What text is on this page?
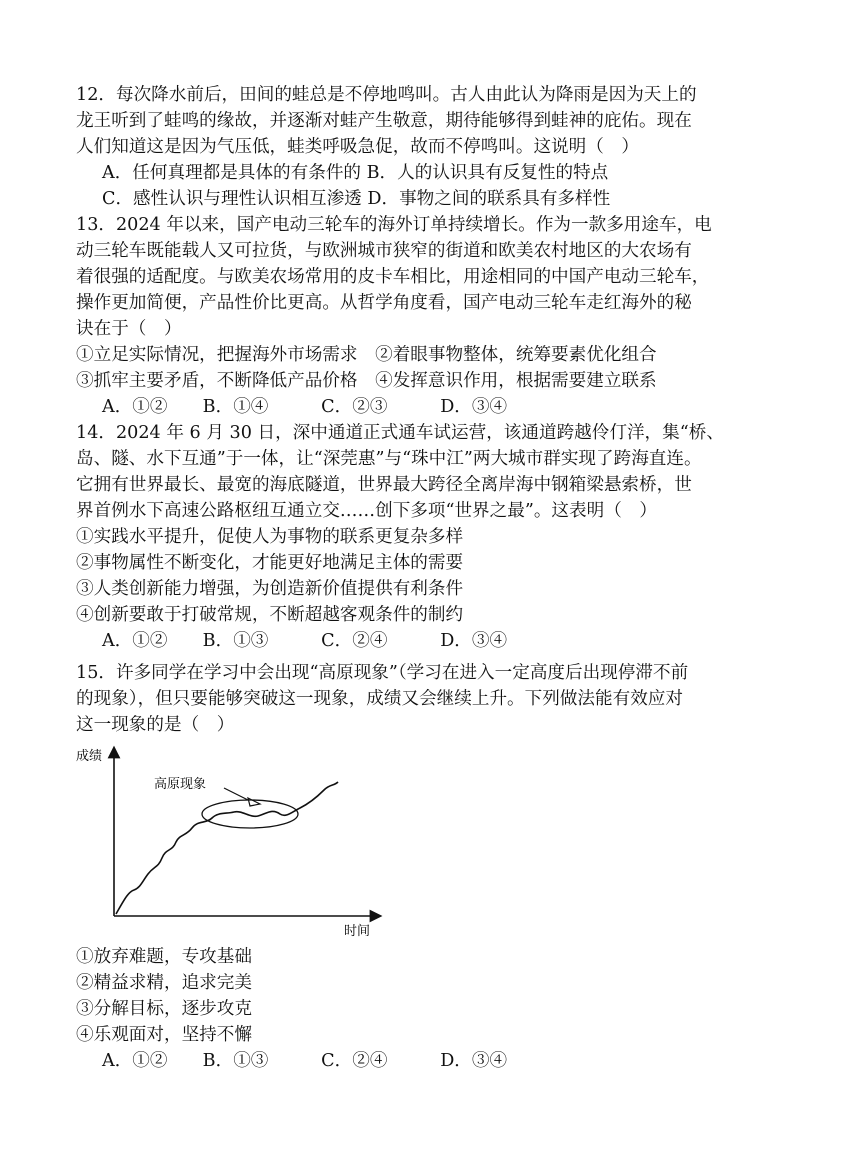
12．每次降水前后，田间的蛙总是不停地鸣叫。古人由此认为降雨是因为天上的
龙王听到了蛙鸣的缘故，并逐渐对蛙产生敬意，期待能够得到蛙神的庇佑。现在
人们知道这是因为气压低，蛙类呼吸急促，故而不停鸣叫。这说明（　）
A．任何真理都是具体的有条件的 B．人的认识具有反复性的特点
C．感性认识与理性认识相互渗透 D．事物之间的联系具有多样性
13．2024 年以来，国产电动三轮车的海外订单持续增长。作为一款多用途车，电
动三轮车既能载人又可拉货，与欧洲城市狭窄的街道和欧美农村地区的大农场有
着很强的适配度。与欧美农场常用的皮卡车相比，用途相同的中国产电动三轮车，
操作更加简便，产品性价比更高。从哲学角度看，国产电动三轮车走红海外的秘
诀在于（　）
①立足实际情况，把握海外市场需求　②着眼事物整体，统筹要素优化组合
③抓牢主要矛盾，不断降低产品价格　④发挥意识作用，根据需要建立联系
A．①②　　B．①④　　　C．②③　　　D．③④
14．2024 年 6 月 30 日，深中通道正式通车试运营，该通道跨越伶仃洋，集“桥、
岛、隧、水下互通”于一体，让“深莞惠”与“珠中江”两大城市群实现了跨海直连。
它拥有世界最长、最宽的海底隧道，世界最大跨径全离岸海中钢箱梁悬索桥，世
界首例水下高速公路枢纽互通立交……创下多项“世界之最”。这表明（　）
①实践水平提升，促使人为事物的联系更复杂多样
②事物属性不断变化，才能更好地满足主体的需要
③人类创新能力增强，为创造新价值提供有利条件
④创新要敢于打破常规，不断超越客观条件的制约
A．①②　　B．①③　　　C．②④　　　D．③④
15．许多同学在学习中会出现“高原现象”（学习在进入一定高度后出现停滞不前
的现象），但只要能够突破这一现象，成绩又会继续上升。下列做法能有效应对
这一现象的是（　）
成绩
时间
高原现象
①放弃难题，专攻基础
②精益求精，追求完美
③分解目标，逐步攻克
④乐观面对，坚持不懈
A．①②　　B．①③　　　C．②④　　　D．③④
